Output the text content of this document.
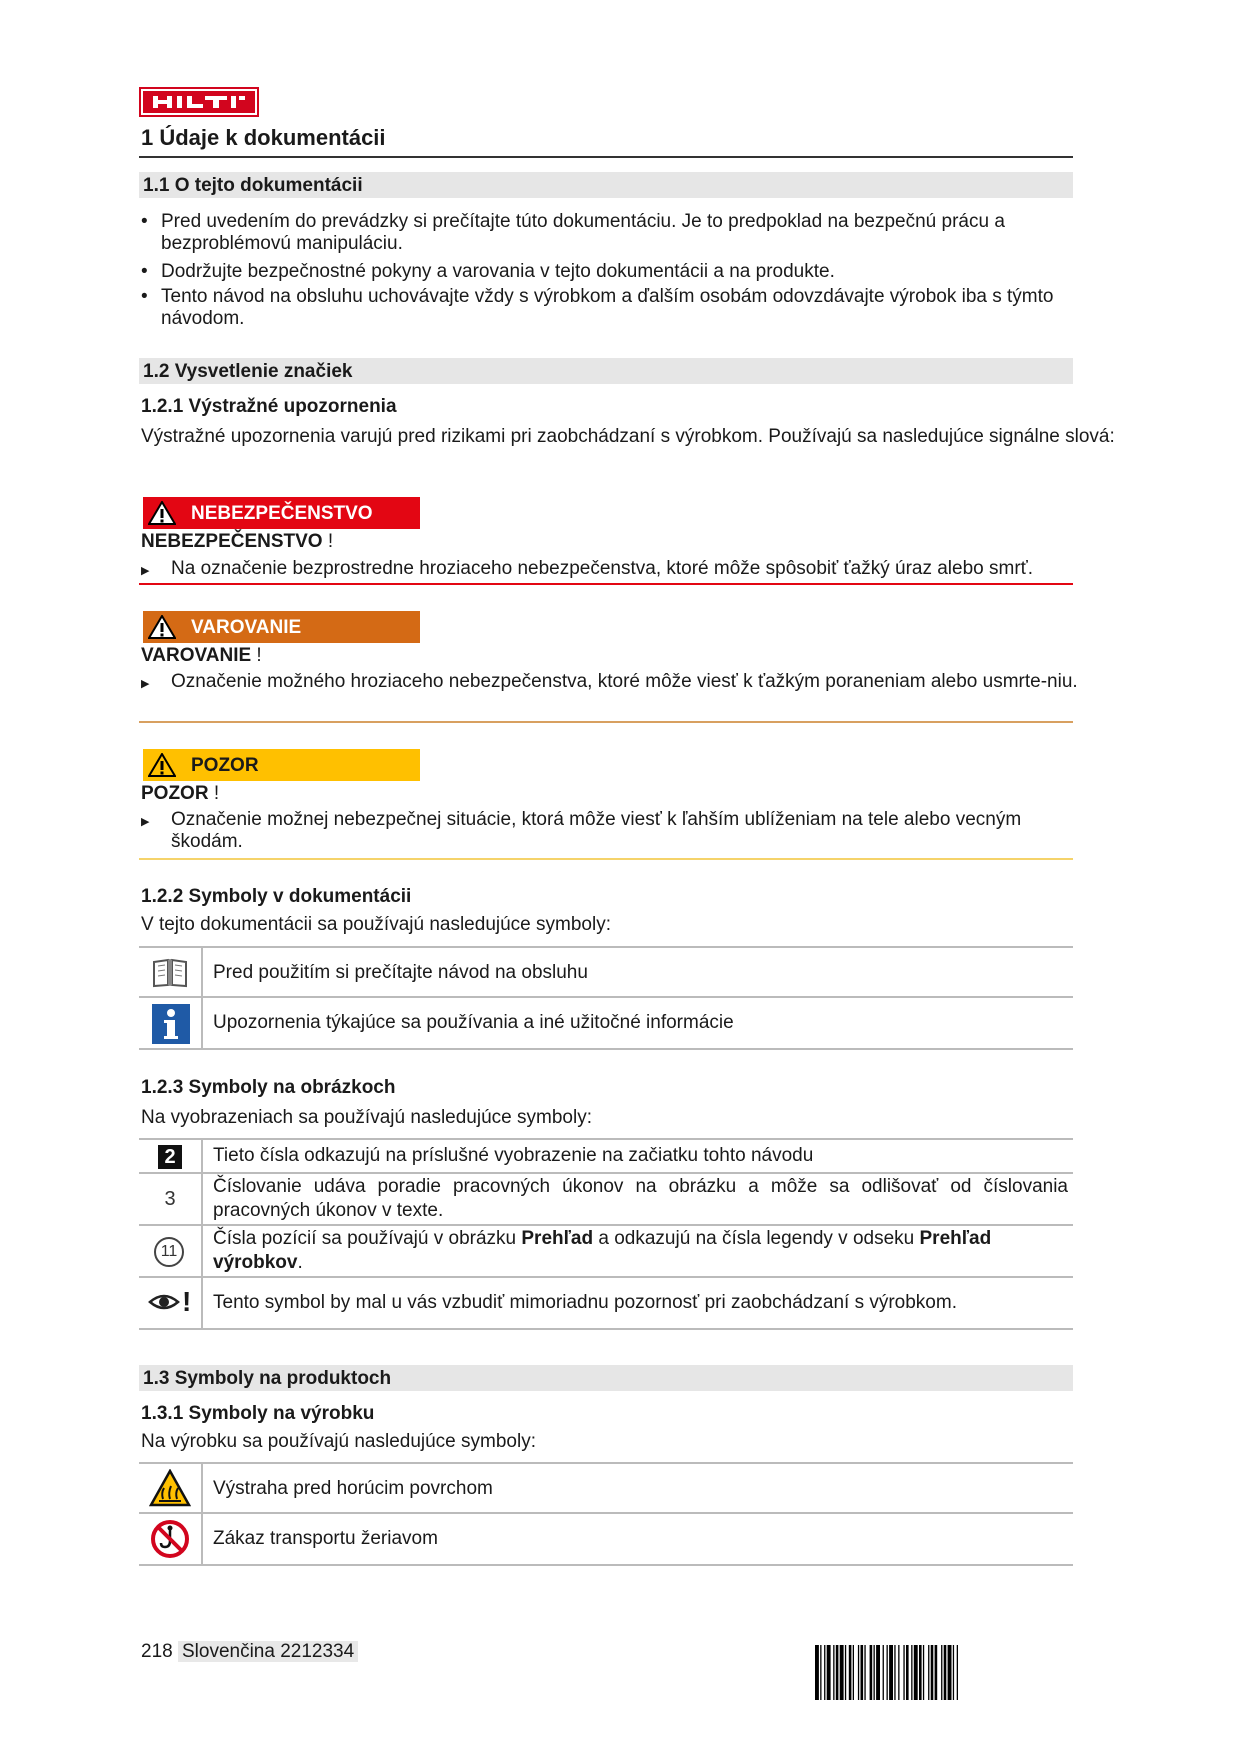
1 Údaje k dokumentácii
1.1 O tejto dokumentácii
• Pred uvedením do prevádzky si prečítajte túto dokumentáciu. Je to predpoklad na bezpečnú prácu a bezproblémovú manipuláciu.
• Dodržujte bezpečnostné pokyny a varovania v tejto dokumentácii a na produkte.
• Tento návod na obsluhu uchovávajte vždy s výrobkom a ďalším osobám odovzdávajte výrobok iba s týmto návodom.
1.2 Vysvetlenie značiek
1.2.1 Výstražné upozornenia
Výstražné upozornenia varujú pred rizikami pri zaobchádzaní s výrobkom. Používajú sa nasledujúce signálne slová:
NEBEZPEČENSTVO
NEBEZPEČENSTVO !
▶ Na označenie bezprostredne hroziaceho nebezpečenstva, ktoré môže spôsobiť ťažký úraz alebo smrť.
VAROVANIE
VAROVANIE !
▶ Označenie možného hroziaceho nebezpečenstva, ktoré môže viesť k ťažkým poraneniam alebo usmrte-niu.
POZOR
POZOR !
▶ Označenie možnej nebezpečnej situácie, ktorá môže viesť k ľahším ublíženiam na tele alebo vecným škodám.
1.2.2 Symboly v dokumentácii
V tejto dokumentácii sa používajú nasledujúce symboly:
Pred použitím si prečítajte návod na obsluhu
Upozornenia týkajúce sa používania a iné užitočné informácie
1.2.3 Symboly na obrázkoch
Na vyobrazeniach sa používajú nasledujúce symboly:
2	Tieto čísla odkazujú na príslušné vyobrazenie na začiatku tohto návodu
3
Číslovanie udáva poradie pracovných úkonov na obrázku a môže sa odlišovať od číslovania pracovných úkonov v texte.
11
Čísla pozícií sa používajú v obrázku Prehľad a odkazujú na čísla legendy v odseku Prehľad výrobkov.
! Tento symbol by mal u vás vzbudiť mimoriadnu pozornosť pri zaobchádzaní s výrobkom.
1.3 Symboly na produktoch
1.3.1 Symboly na výrobku
Na výrobku sa používajú nasledujúce symboly:
Výstraha pred horúcim povrchom
Zákaz transportu žeriavom
218 Slovenčina 2212334
